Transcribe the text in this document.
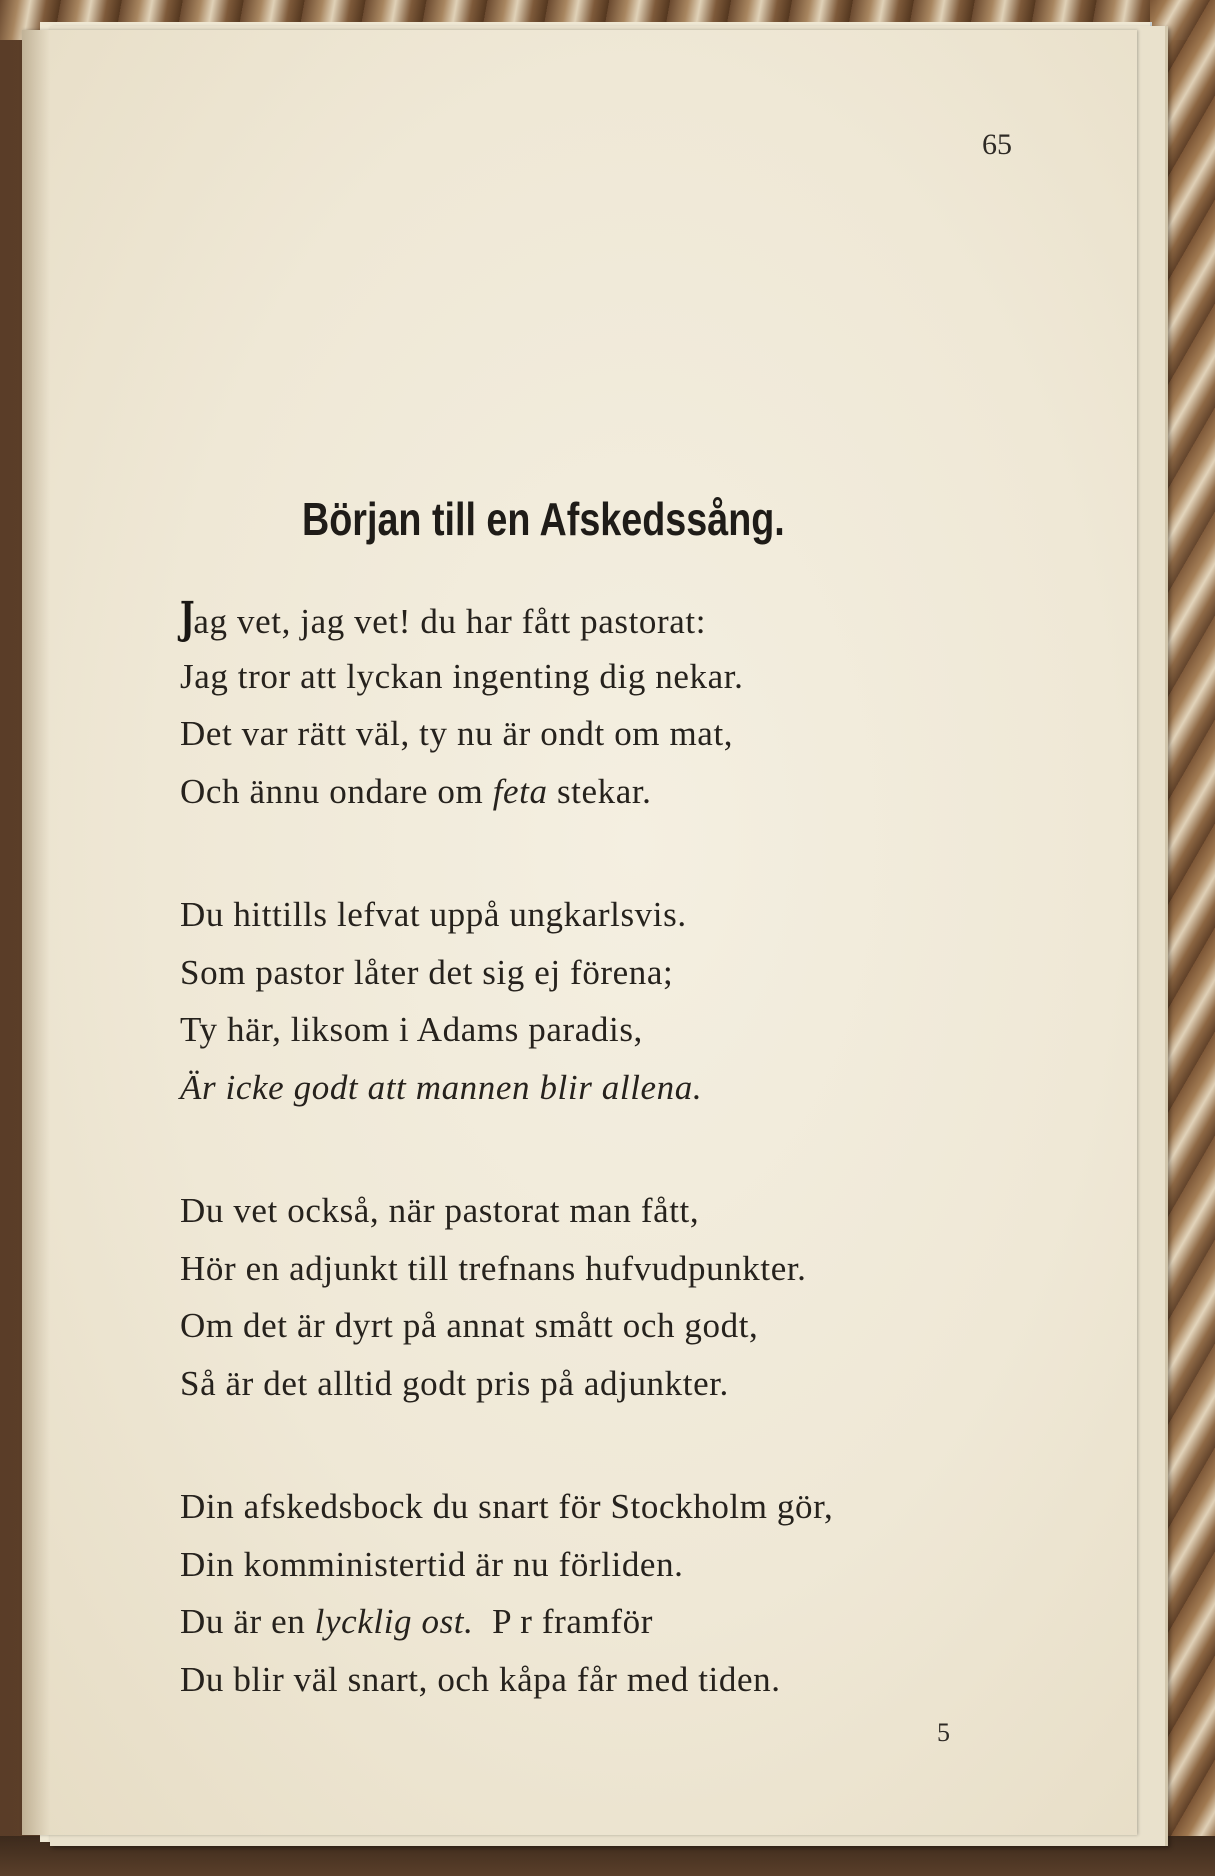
65
Början till en Afskedssång.
Jag vet, jag vet! du har fått pastorat:
Jag tror att lyckan ingenting dig nekar.
Det var rätt väl, ty nu är ondt om mat,
Och ännu ondare om feta stekar.
Du hittills lefvat uppå ungkarlsvis.
Som pastor låter det sig ej förena;
Ty här, liksom i Adams paradis,
Är icke godt att mannen blir allena.
Du vet också, när pastorat man fått,
Hör en adjunkt till trefnans hufvudpunkter.
Om det är dyrt på annat smått och godt,
Så är det alltid godt pris på adjunkter.
Din afskedsbock du snart för Stockholm gör,
Din komministertid är nu förliden.
Du är en lycklig ost.  P r framför
Du blir väl snart, och kåpa får med tiden.
5
